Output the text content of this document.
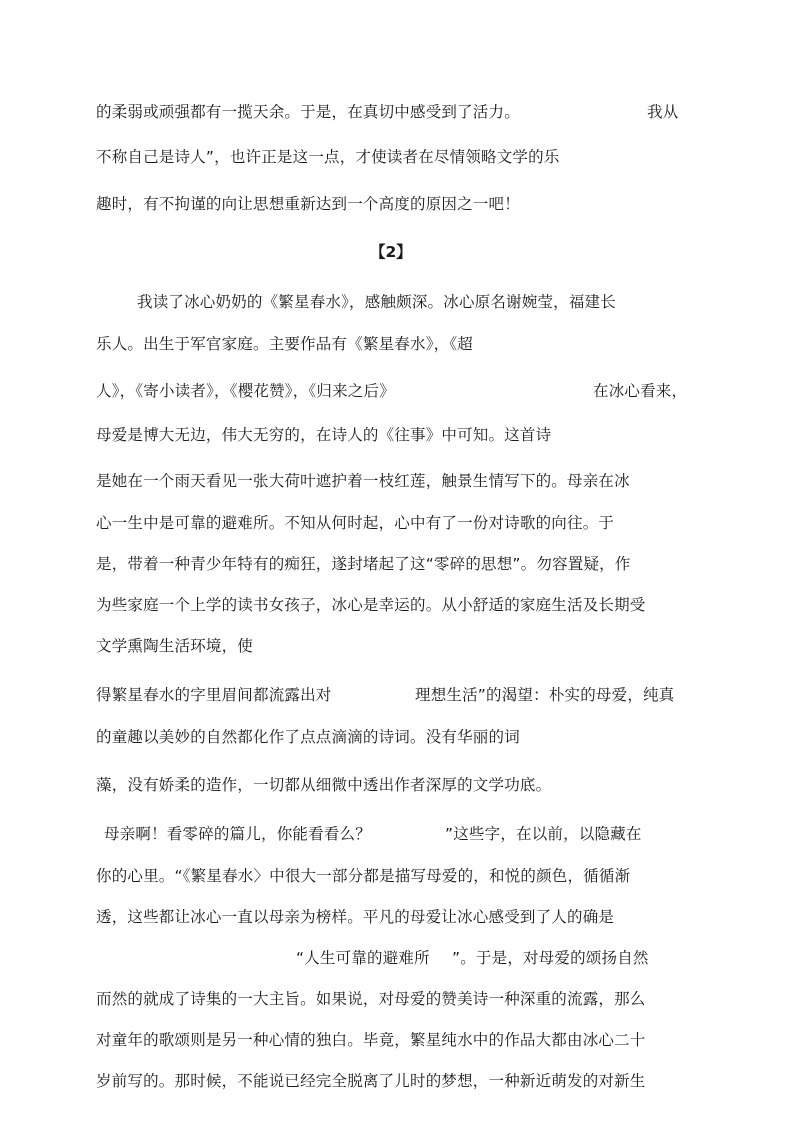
的柔弱或顽强都有一揽天余。于是，在真切中感受到了活力。	我从
不称自己是诗人”，也许正是这一点，才使读者在尽情领略文学的乐
趣时，有不拘谨的向让思想重新达到一个高度的原因之一吧！
【2】
我读了冰心奶奶的《繁星春水》，感触颇深。冰心原名谢婉莹，福建长
乐人。出生于军官家庭。主要作品有《繁星春水》，《超
人》，《寄小读者》，《樱花赞》，《归来之后》	在冰心看来，
母爱是博大无边，伟大无穷的，在诗人的《往事》中可知。这首诗
是她在一个雨天看见一张大荷叶遮护着一枝红莲，触景生情写下的。母亲在冰
心一生中是可靠的避难所。不知从何时起，心中有了一份对诗歌的向往。于
是，带着一种青少年特有的痴狂，遂封堵起了这“零碎的思想”。勿容置疑，作
为些家庭一个上学的读书女孩子，冰心是幸运的。从小舒适的家庭生活及长期受
文学熏陶生活环境，使
得繁星春水的字里眉间都流露出对	理想生活”的渴望：朴实的母爱，纯真
的童趣以美妙的自然都化作了点点滴滴的诗词。没有华丽的词
藻，没有娇柔的造作，一切都从细微中透出作者深厚的文学功底。
母亲啊！看零碎的篇儿，你能看看么？	”这些字，在以前，以隐藏在
你的心里。“《繁星春水〉中很大一部分都是描写母爱的，和悦的颜色，循循渐
透，这些都让冰心一直以母亲为榜样。平凡的母爱让冰心感受到了人的确是
“人生可靠的避难所 ”。于是，对母爱的颂扬自然
而然的就成了诗集的一大主旨。如果说，对母爱的赞美诗一种深重的流露，那么
对童年的歌颂则是另一种心情的独白。毕竟，繁星纯水中的作品大都由冰心二十
岁前写的。那时候，不能说已经完全脱离了儿时的梦想，一种新近萌发的对新生
